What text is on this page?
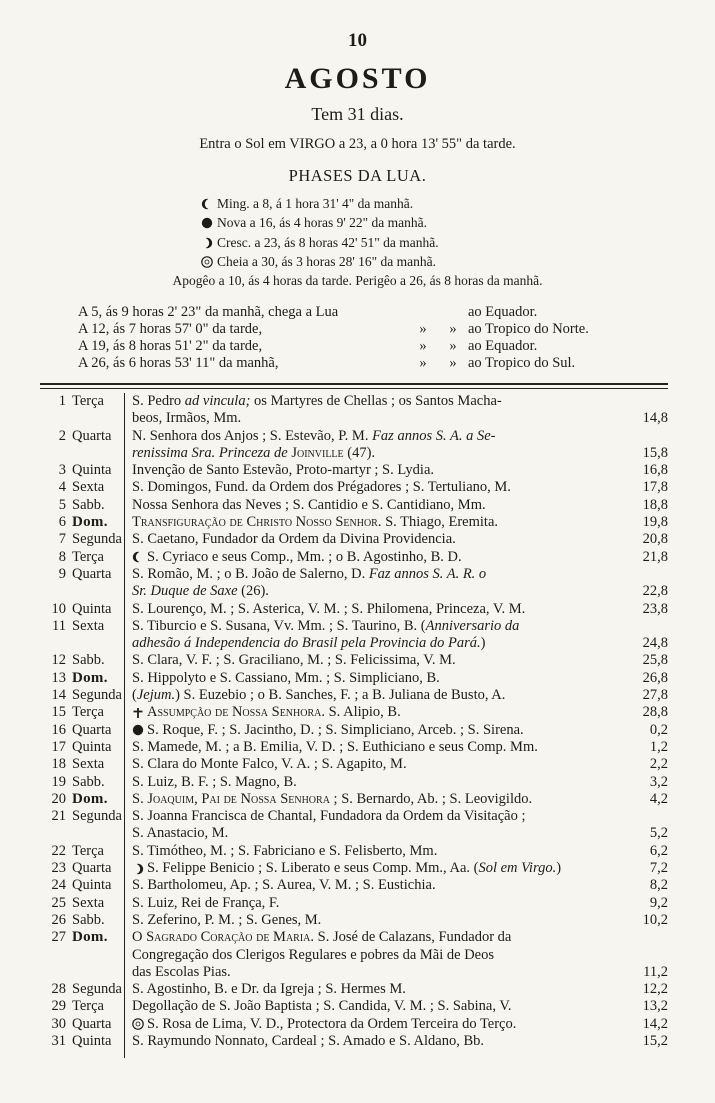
10
AGOSTO
Tem 31 dias.
Entra o Sol em VIRGO a 23, a 0 hora 13' 55" da tarde.
PHASES DA LUA.
Ming. a 8, á 1 hora 31' 4" da manhã.
Nova a 16, ás 4 horas 9' 22" da manhã.
Cresc. a 23, ás 8 horas 42' 51" da manhã.
Cheia a 30, ás 3 horas 28' 16" da manhã.
Apogêo a 10, ás 4 horas da tarde. Perigêo a 26, ás 8 horas da manhã.
A 5, ás 9 horas 2' 23" da manhã, chega a Lua	ao Equador.
A 12, ás 7 horas 57' 0" da tarde,	»	» ao Tropico do Norte.
A 19, ás 8 horas 51' 2" da tarde,	»	» ao Equador.
A 26, ás 6 horas 53' 11" da manhã,	»	» ao Tropico do Sul.
1 Terça	S. Pedro ad vincula; os Martyres de Chellas ; os Santos Macha-
beos, Irmãos, Mm.	14,8
2 Quarta	N. Senhora dos Anjos ; S. Estevão, P. M. Faz annos S. A. a Se-
renissima Sra. Princeza de Joinville (47).	15,8
3 Quinta	Invenção de Santo Estevão, Proto-martyr ; S. Lydia.	16,8
4 Sexta	S. Domingos, Fund. da Ordem dos Prégadores ; S. Tertuliano, M.	17,8
5 Sabb.	Nossa Senhora das Neves ; S. Cantidio e S. Cantidiano, Mm.	18,8
6 Dom.	Transfiguração de Christo Nosso Senhor. S. Thiago, Eremita.	19,8
7 Segunda S. Caetano, Fundador da Ordem da Divina Providencia.	20,8
8 Terça	S. Cyriaco e seus Comp., Mm. ; o B. Agostinho, B. D.	21,8
9 Quarta	S. Romão, M. ; o B. João de Salerno, D. Faz annos S. A. R. o
Sr. Duque de Saxe (26).	22,8
10 Quinta	S. Lourenço, M. ; S. Asterica, V. M. ; S. Philomena, Princeza, V. M.	23,8
11 Sexta	S. Tiburcio e S. Susana, Vv. Mm. ; S. Taurino, B. (Anniversario da
adhesão á Independencia do Brasil pela Provincia do Pará.)	24,8
12 Sabb.	S. Clara, V. F. ; S. Graciliano, M. ; S. Felicissima, V. M.	25,8
13 Dom.	S. Hippolyto e S. Cassiano, Mm. ; S. Simpliciano, B.	26,8
14 Segunda (Jejum.) S. Euzebio ; o B. Sanches, F. ; a B. Juliana de Busto, A.	27,8
15 Terça	Assumpção de Nossa Senhora. S. Alipio, B.	28,8
16 Quarta	S. Roque, F. ; S. Jacintho, D. ; S. Simpliciano, Arceb. ; S. Sirena.	0,2
17 Quinta	S. Mamede, M. ; a B. Emilia, V. D. ; S. Euthiciano e seus Comp. Mm.	1,2
18 Sexta	S. Clara do Monte Falco, V. A. ; S. Agapito, M.	2,2
19 Sabb.	S. Luiz, B. F. ; S. Magno, B.	3,2
20 Dom.	S. Joaquim, Pai de Nossa Senhora ; S. Bernardo, Ab. ; S. Leovigildo.	4,2
21 Segunda S. Joanna Francisca de Chantal, Fundadora da Ordem da Visitação ;
S. Anastacio, M.	5,2
22 Terça	S. Timótheo, M. ; S. Fabriciano e S. Felisberto, Mm.	6,2
23 Quarta	S. Felippe Benicio ; S. Liberato e seus Comp. Mm., Aa. (Sol em Virgo.)	7,2
24 Quinta	S. Bartholomeu, Ap. ; S. Aurea, V. M. ; S. Eustichia.	8,2
25 Sexta	S. Luiz, Rei de França, F.	9,2
26 Sabb.	S. Zeferino, P. M. ; S. Genes, M.	10,2
27 Dom.	O Sagrado Coração de Maria. S. José de Calazans, Fundador da
Congregação dos Clerigos Regulares e pobres da Mãi de Deos
das Escolas Pias.	11,2
28 Segunda S. Agostinho, B. e Dr. da Igreja ; S. Hermes M.	12,2
29 Terça	Degollação de S. João Baptista ; S. Candida, V. M. ; S. Sabina, V.	13,2
30 Quarta	S. Rosa de Lima, V. D., Protectora da Ordem Terceira do Terço.	14,2
31 Quinta	S. Raymundo Nonnato, Cardeal ; S. Amado e S. Aldano, Bb.	15,2
